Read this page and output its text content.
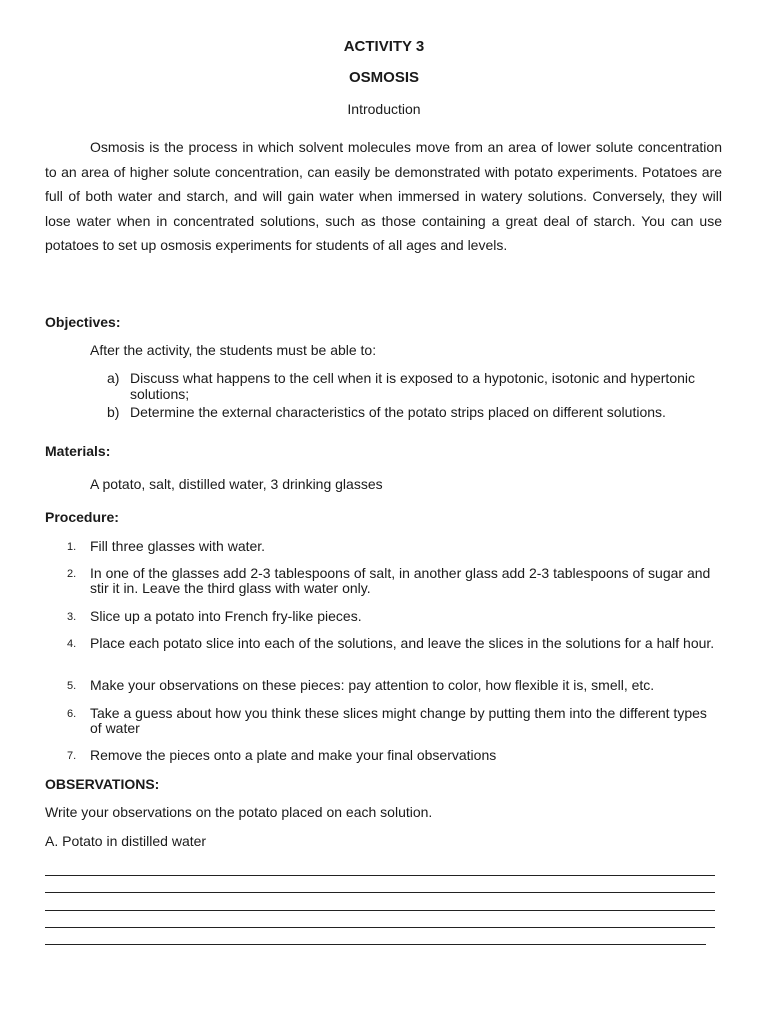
ACTIVITY 3
OSMOSIS
Introduction

Osmosis is the process in which solvent molecules move from an area of lower solute concentration to an area of higher solute concentration, can easily be demonstrated with potato experiments. Potatoes are full of both water and starch, and will gain water when immersed in watery solutions. Conversely, they will lose water when in concentrated solutions, such as those containing a great deal of starch. You can use potatoes to set up osmosis experiments for students of all ages and levels.

Objectives:
After the activity, the students must be able to:
a) Discuss what happens to the cell when it is exposed to a hypotonic, isotonic and hypertonic solutions;
b) Determine the external characteristics of the potato strips placed on different solutions.
Materials:
A potato, salt, distilled water, 3 drinking glasses
Procedure:
1. Fill three glasses with water.
2. In one of the glasses add 2-3 tablespoons of salt, in another glass add 2-3 tablespoons of sugar and stir it in. Leave the third glass with water only.
3. Slice up a potato into French fry-like pieces.
4. Place each potato slice into each of the solutions, and leave the slices in the solutions for a half hour.
5. Make your observations on these pieces: pay attention to color, how flexible it is, smell, etc.
6. Take a guess about how you think these slices might change by putting them into the different types of water
7. Remove the pieces onto a plate and make your final observations
OBSERVATIONS:
Write your observations on the potato placed on each solution.
A. Potato in distilled water
